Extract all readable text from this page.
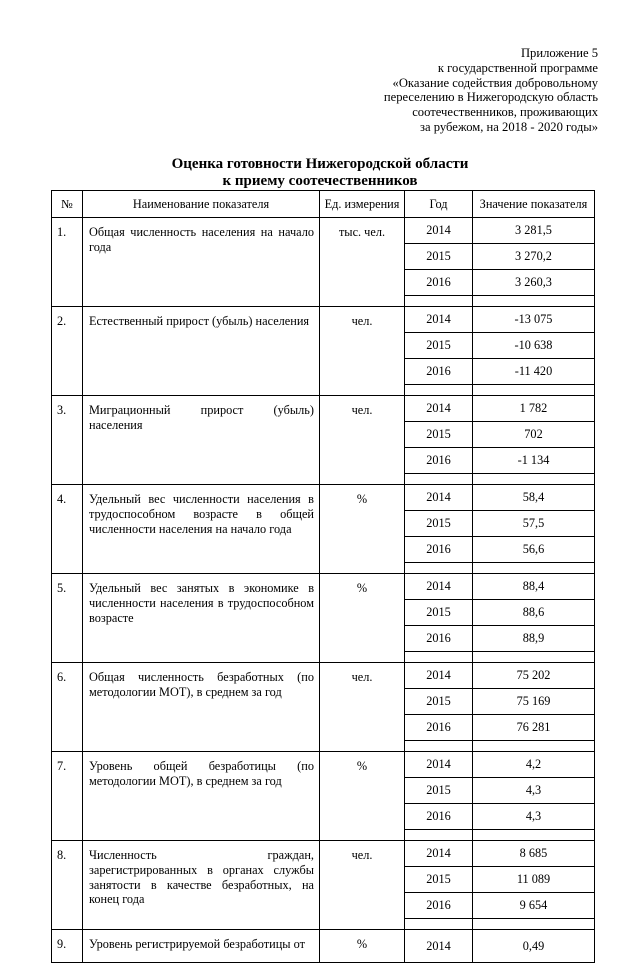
Приложение 5
к государственной программе
«Оказание содействия добровольному
переселению в Нижегородскую область
соотечественников, проживающих
за рубежом, на 2018 - 2020 годы»
Оценка готовности Нижегородской области
к приему соотечественников
№	Наименование показателя	Ед. измерения	Год	Значение показателя
1.	Общая численность населения на начало года	тыс. чел.	2014	3 281,5
			2015	3 270,2
			2016	3 260,3

2.	Естественный прирост (убыль) населения	чел.	2014	-13 075
			2015	-10 638
			2016	-11 420

3.	Миграционный прирост (убыль) населения	чел.	2014	1 782
			2015	702
			2016	-1 134

4.	Удельный вес численности населения в трудоспособном возрасте в общей численности населения на начало года	%	2014	58,4
			2015	57,5
			2016	56,6

5.	Удельный вес занятых в экономике в численности населения в трудоспособном возрасте	%	2014	88,4
			2015	88,6
			2016	88,9

6.	Общая численность безработных (по методологии МОТ), в среднем за год	чел.	2014	75 202
			2015	75 169
			2016	76 281

7.	Уровень общей безработицы (по методологии МОТ), в среднем за год	%	2014	4,2
			2015	4,3
			2016	4,3

8.	Численность граждан, зарегистрированных в органах службы занятости в качестве безработных, на конец года	чел.	2014	8 685
			2015	11 089
			2016	9 654

9.	Уровень регистрируемой безработицы от	%	2014	0,49
